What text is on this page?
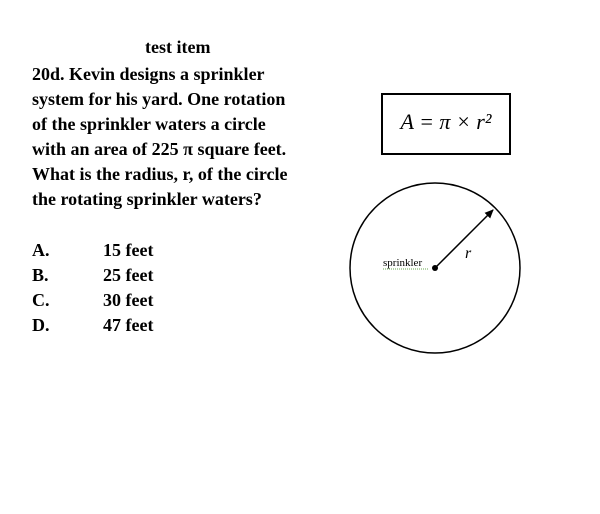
test item
20d. Kevin designs a sprinkler
system for his yard. One rotation
of the sprinkler waters a circle
with an area of 225 π square feet.
What is the radius, r, of the circle
the rotating sprinkler waters?
A.	15 feet
B.	25 feet
C.	30 feet
D.	47 feet
A = π × r²
sprinkler
r
